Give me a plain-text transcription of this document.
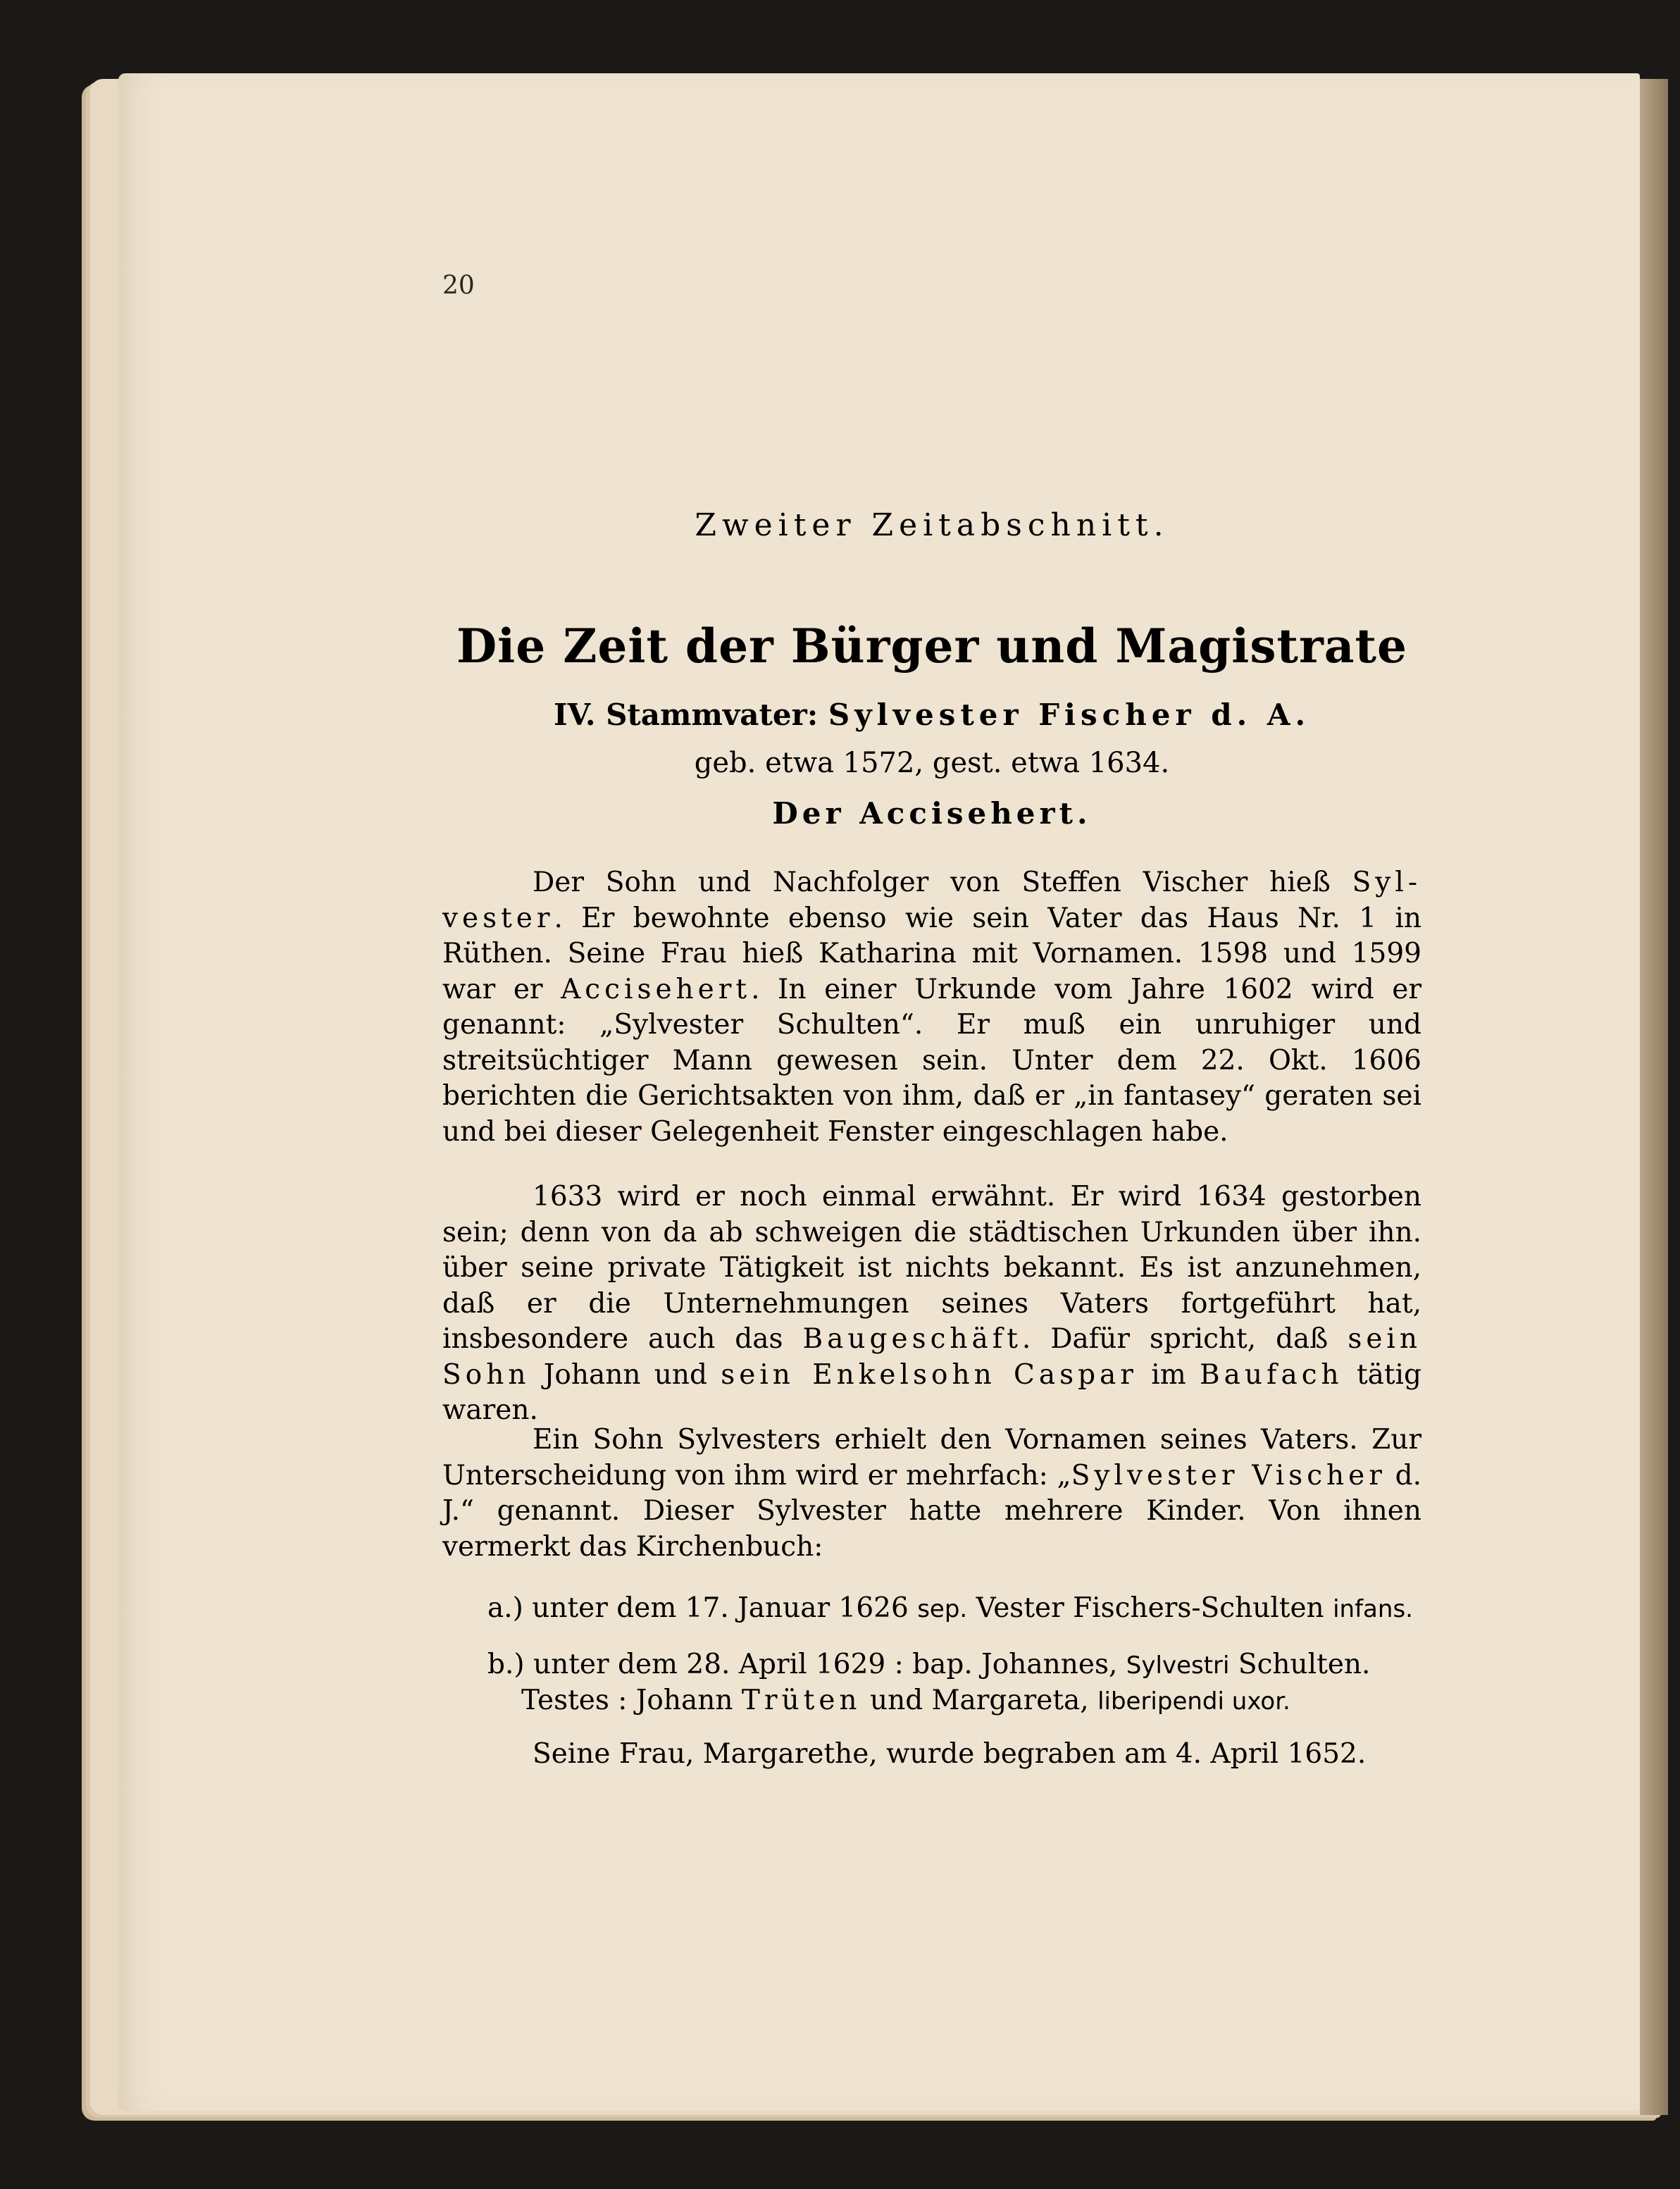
20
Zweiter Zeitabschnitt.
Die Zeit der Bürger und Magistrate
IV. Stammvater: Sylvester Fischer d. A.
geb. etwa 1572, gest. etwa 1634.
Der Accisehert.
Der Sohn und Nachfolger von Steffen Vischer hieß Syl-vester. Er bewohnte ebenso wie sein Vater das Haus Nr. 1 in Rüthen. Seine Frau hieß Katharina mit Vornamen. 1598 und 1599 war er Accisehert. In einer Urkunde vom Jahre 1602 wird er genannt: „Sylvester Schulten“. Er muß ein unruhiger und streitsüchtiger Mann gewesen sein. Unter dem 22. Okt. 1606 berichten die Gerichtsakten von ihm, daß er „in fantasey“ geraten sei und bei dieser Gelegenheit Fenster eingeschlagen habe.
1633 wird er noch einmal erwähnt. Er wird 1634 gestorben sein; denn von da ab schweigen die städtischen Urkunden über ihn. über seine private Tätigkeit ist nichts bekannt. Es ist anzunehmen, daß er die Unternehmungen seines Vaters fortgeführt hat, insbesondere auch das Baugeschäft. Dafür spricht, daß sein Sohn Johann und sein Enkelsohn Caspar im Baufach tätig waren.
Ein Sohn Sylvesters erhielt den Vornamen seines Vaters. Zur Unterscheidung von ihm wird er mehrfach: „Sylvester Vischer d. J.“ genannt. Dieser Sylvester hatte mehrere Kinder. Von ihnen vermerkt das Kirchenbuch:
a.) unter dem 17. Januar 1626 sep. Vester Fischers-Schulten infans.
b.) unter dem 28. April 1629 : bap. Johannes, Sylvestri Schulten.
Testes : Johann Trüten und Margareta, liberipendi uxor.
Seine Frau, Margarethe, wurde begraben am 4. April 1652.
